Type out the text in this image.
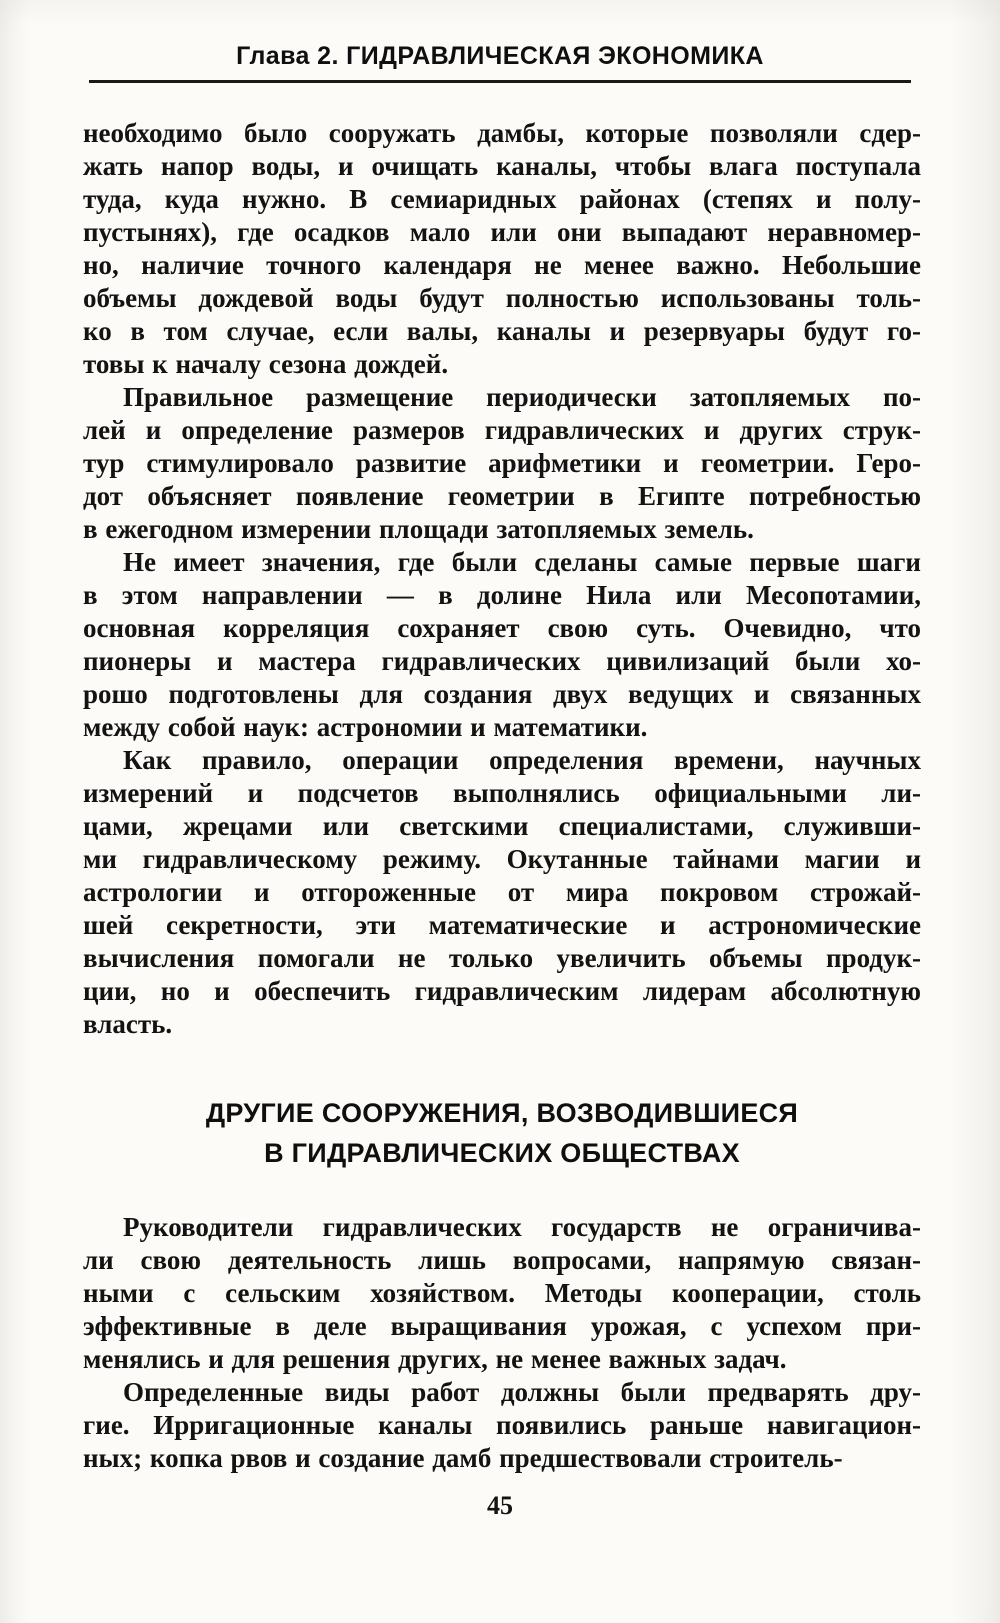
Глава 2. ГИДРАВЛИЧЕСКАЯ ЭКОНОМИКА
необходимо было сооружать дамбы, которые позволяли сдер-
жать напор воды, и очищать каналы, чтобы влага поступала
туда, куда нужно. В семиаридных районах (степях и полу-
пустынях), где осадков мало или они выпадают неравномер-
но, наличие точного календаря не менее важно. Небольшие
объемы дождевой воды будут полностью использованы толь-
ко в том случае, если валы, каналы и резервуары будут го-
товы к началу сезона дождей.
Правильное размещение периодически затопляемых по-
лей и определение размеров гидравлических и других струк-
тур стимулировало развитие арифметики и геометрии. Геро-
дот объясняет появление геометрии в Египте потребностью
в ежегодном измерении площади затопляемых земель.
Не имеет значения, где были сделаны самые первые шаги
в этом направлении — в долине Нила или Месопотамии,
основная корреляция сохраняет свою суть. Очевидно, что
пионеры и мастера гидравлических цивилизаций были хо-
рошо подготовлены для создания двух ведущих и связанных
между собой наук: астрономии и математики.
Как правило, операции определения времени, научных
измерений и подсчетов выполнялись официальными ли-
цами, жрецами или светскими специалистами, служивши-
ми гидравлическому режиму. Окутанные тайнами магии и
астрологии и отгороженные от мира покровом строжай-
шей секретности, эти математические и астрономические
вычисления помогали не только увеличить объемы продук-
ции, но и обеспечить гидравлическим лидерам абсолютную
власть.
ДРУГИЕ СООРУЖЕНИЯ, ВОЗВОДИВШИЕСЯ
В ГИДРАВЛИЧЕСКИХ ОБЩЕСТВАХ
Руководители гидравлических государств не ограничива-
ли свою деятельность лишь вопросами, напрямую связан-
ными с сельским хозяйством. Методы кооперации, столь
эффективные в деле выращивания урожая, с успехом при-
менялись и для решения других, не менее важных задач.
Определенные виды работ должны были предварять дру-
гие. Ирригационные каналы появились раньше навигацион-
ных; копка рвов и создание дамб предшествовали строитель-
45
